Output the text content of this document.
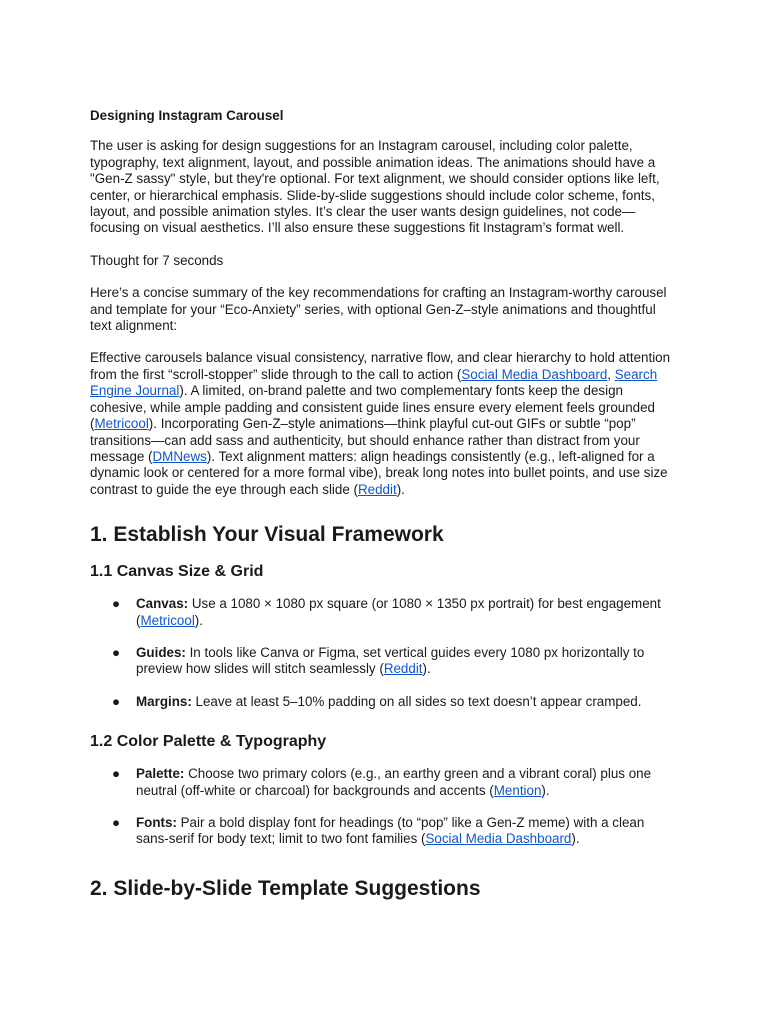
Designing Instagram Carousel

The user is asking for design suggestions for an Instagram carousel, including color palette, typography, text alignment, layout, and possible animation ideas. The animations should have a "Gen-Z sassy" style, but they're optional. For text alignment, we should consider options like left, center, or hierarchical emphasis. Slide-by-slide suggestions should include color scheme, fonts, layout, and possible animation styles. It’s clear the user wants design guidelines, not code—focusing on visual aesthetics. I’ll also ensure these suggestions fit Instagram’s format well.

Thought for 7 seconds

Here’s a concise summary of the key recommendations for crafting an Instagram-worthy carousel and template for your “Eco-Anxiety” series, with optional Gen-Z–style animations and thoughtful text alignment:

Effective carousels balance visual consistency, narrative flow, and clear hierarchy to hold attention from the first “scroll-stopper” slide through to the call to action (Social Media Dashboard, Search Engine Journal). A limited, on-brand palette and two complementary fonts keep the design cohesive, while ample padding and consistent guide lines ensure every element feels grounded (Metricool). Incorporating Gen-Z–style animations—think playful cut-out GIFs or subtle “pop” transitions—can add sass and authenticity, but should enhance rather than distract from your message (DMNews). Text alignment matters: align headings consistently (e.g., left-aligned for a dynamic look or centered for a more formal vibe), break long notes into bullet points, and use size contrast to guide the eye through each slide (Reddit).

1. Establish Your Visual Framework
1.1 Canvas Size & Grid
● Canvas: Use a 1080 × 1080 px square (or 1080 × 1350 px portrait) for best engagement (Metricool).
● Guides: In tools like Canva or Figma, set vertical guides every 1080 px horizontally to preview how slides will stitch seamlessly (Reddit).
● Margins: Leave at least 5–10% padding on all sides so text doesn’t appear cramped.
1.2 Color Palette & Typography
● Palette: Choose two primary colors (e.g., an earthy green and a vibrant coral) plus one neutral (off-white or charcoal) for backgrounds and accents (Mention).
● Fonts: Pair a bold display font for headings (to “pop” like a Gen-Z meme) with a clean sans-serif for body text; limit to two font families (Social Media Dashboard).
2. Slide-by-Slide Template Suggestions
